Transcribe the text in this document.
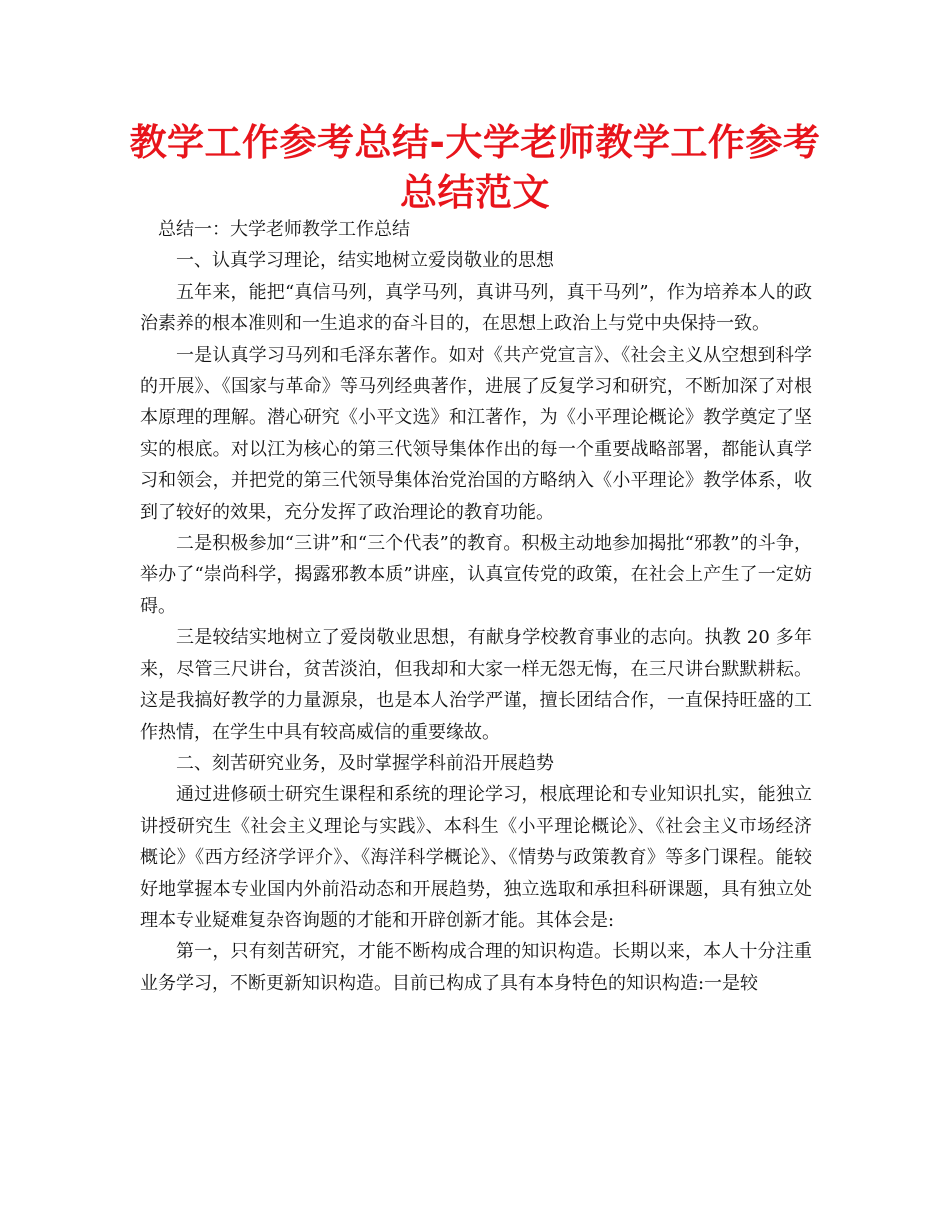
教学工作参考总结-大学老师教学工作参考总结范文

总结一：大学老师教学工作总结

一、认真学习理论，结实地树立爱岗敬业的思想

五年来，能把“真信马列，真学马列，真讲马列，真干马列”，作为培养本人的政治素养的根本准则和一生追求的奋斗目的，在思想上政治上与党中央保持一致。

一是认真学习马列和毛泽东著作。如对《共产党宣言》、《社会主义从空想到科学的开展》、《国家与革命》等马列经典著作，进展了反复学习和研究，不断加深了对根本原理的理解。潜心研究《小平文选》和江著作，为《小平理论概论》教学奠定了坚实的根底。对以江为核心的第三代领导集体作出的每一个重要战略部署，都能认真学习和领会，并把党的第三代领导集体治党治国的方略纳入《小平理论》教学体系，收到了较好的效果，充分发挥了政治理论的教育功能。

二是积极参加“三讲”和“三个代表”的教育。积极主动地参加揭批“邪教”的斗争，举办了“崇尚科学，揭露邪教本质”讲座，认真宣传党的政策，在社会上产生了一定妨碍。

三是较结实地树立了爱岗敬业思想，有献身学校教育事业的志向。执教 20 多年来，尽管三尺讲台，贫苦淡泊，但我却和大家一样无怨无悔，在三尺讲台默默耕耘。这是我搞好教学的力量源泉，也是本人治学严谨，擅长团结合作，一直保持旺盛的工作热情，在学生中具有较高威信的重要缘故。

二、刻苦研究业务，及时掌握学科前沿开展趋势

通过进修硕士研究生课程和系统的理论学习，根底理论和专业知识扎实，能独立讲授研究生《社会主义理论与实践》、本科生《小平理论概论》、《社会主义市场经济概论》《西方经济学评介》、《海洋科学概论》、《情势与政策教育》等多门课程。能较好地掌握本专业国内外前沿动态和开展趋势，独立选取和承担科研课题，具有独立处理本专业疑难复杂咨询题的才能和开辟创新才能。其体会是:

第一，只有刻苦研究，才能不断构成合理的知识构造。长期以来，本人十分注重业务学习，不断更新知识构造。目前已构成了具有本身特色的知识构造:一是较
